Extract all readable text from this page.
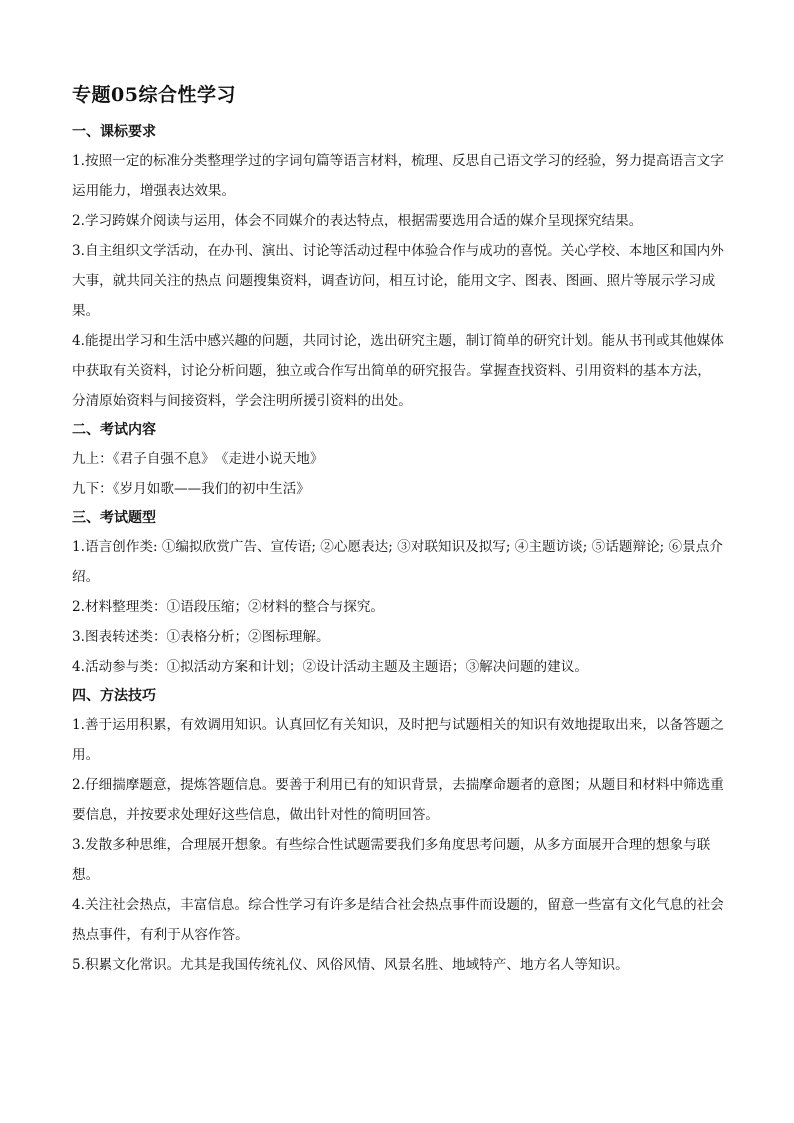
专题05综合性学习
一、课标要求

1.按照一定的标准分类整理学过的字词句篇等语言材料，梳理、反思自己语文学习的经验，努力提高语言文字运用能力，增强表达效果。

2.学习跨媒介阅读与运用，体会不同媒介的表达特点，根据需要选用合适的媒介呈现探究结果。

3.自主组织文学活动，在办刊、演出、讨论等活动过程中体验合作与成功的喜悦。关心学校、本地区和国内外大事，就共同关注的热点 问题搜集资料，调查访问，相互讨论，能用文字、图表、图画、照片等展示学习成果。

4.能提出学习和生活中感兴趣的问题，共同讨论，选出研究主题，制订简单的研究计划。能从书刊或其他媒体中获取有关资料，讨论分析问题，独立或合作写出简单的研究报告。掌握查找资料、引用资料的基本方法，分清原始资料与间接资料，学会注明所援引资料的出处。

二、考试内容

九上：《君子自强不息》　《走进小说天地》

九下：《岁月如歌——我们的初中生活》

三、考试题型

1.语言创作类: ①编拟欣赏广告、宣传语; ②心愿表达; ③对联知识及拟写; ④主题访谈; ⑤话题辩论; ⑥景点介绍。

2.材料整理类：①语段压缩；②材料的整合与探究。

3.图表转述类：①表格分析；②图标理解。

4.活动参与类：①拟活动方案和计划；②设计活动主题及主题语；③解决问题的建议。

四、方法技巧

1.善于运用积累，有效调用知识。认真回忆有关知识，及时把与试题相关的知识有效地提取出来，以备答题之用。

2.仔细揣摩题意，提炼答题信息。要善于利用已有的知识背景，去揣摩命题者的意图；从题目和材料中筛选重要信息，并按要求处理好这些信息，做出针对性的简明回答。

3.发散多种思维，合理展开想象。有些综合性试题需要我们多角度思考问题，从多方面展开合理的想象与联想。

4.关注社会热点，丰富信息。综合性学习有许多是结合社会热点事件而设题的，留意一些富有文化气息的社会热点事件，有利于从容作答。

5.积累文化常识。尤其是我国传统礼仪、风俗风情、风景名胜、地域特产、地方名人等知识。
